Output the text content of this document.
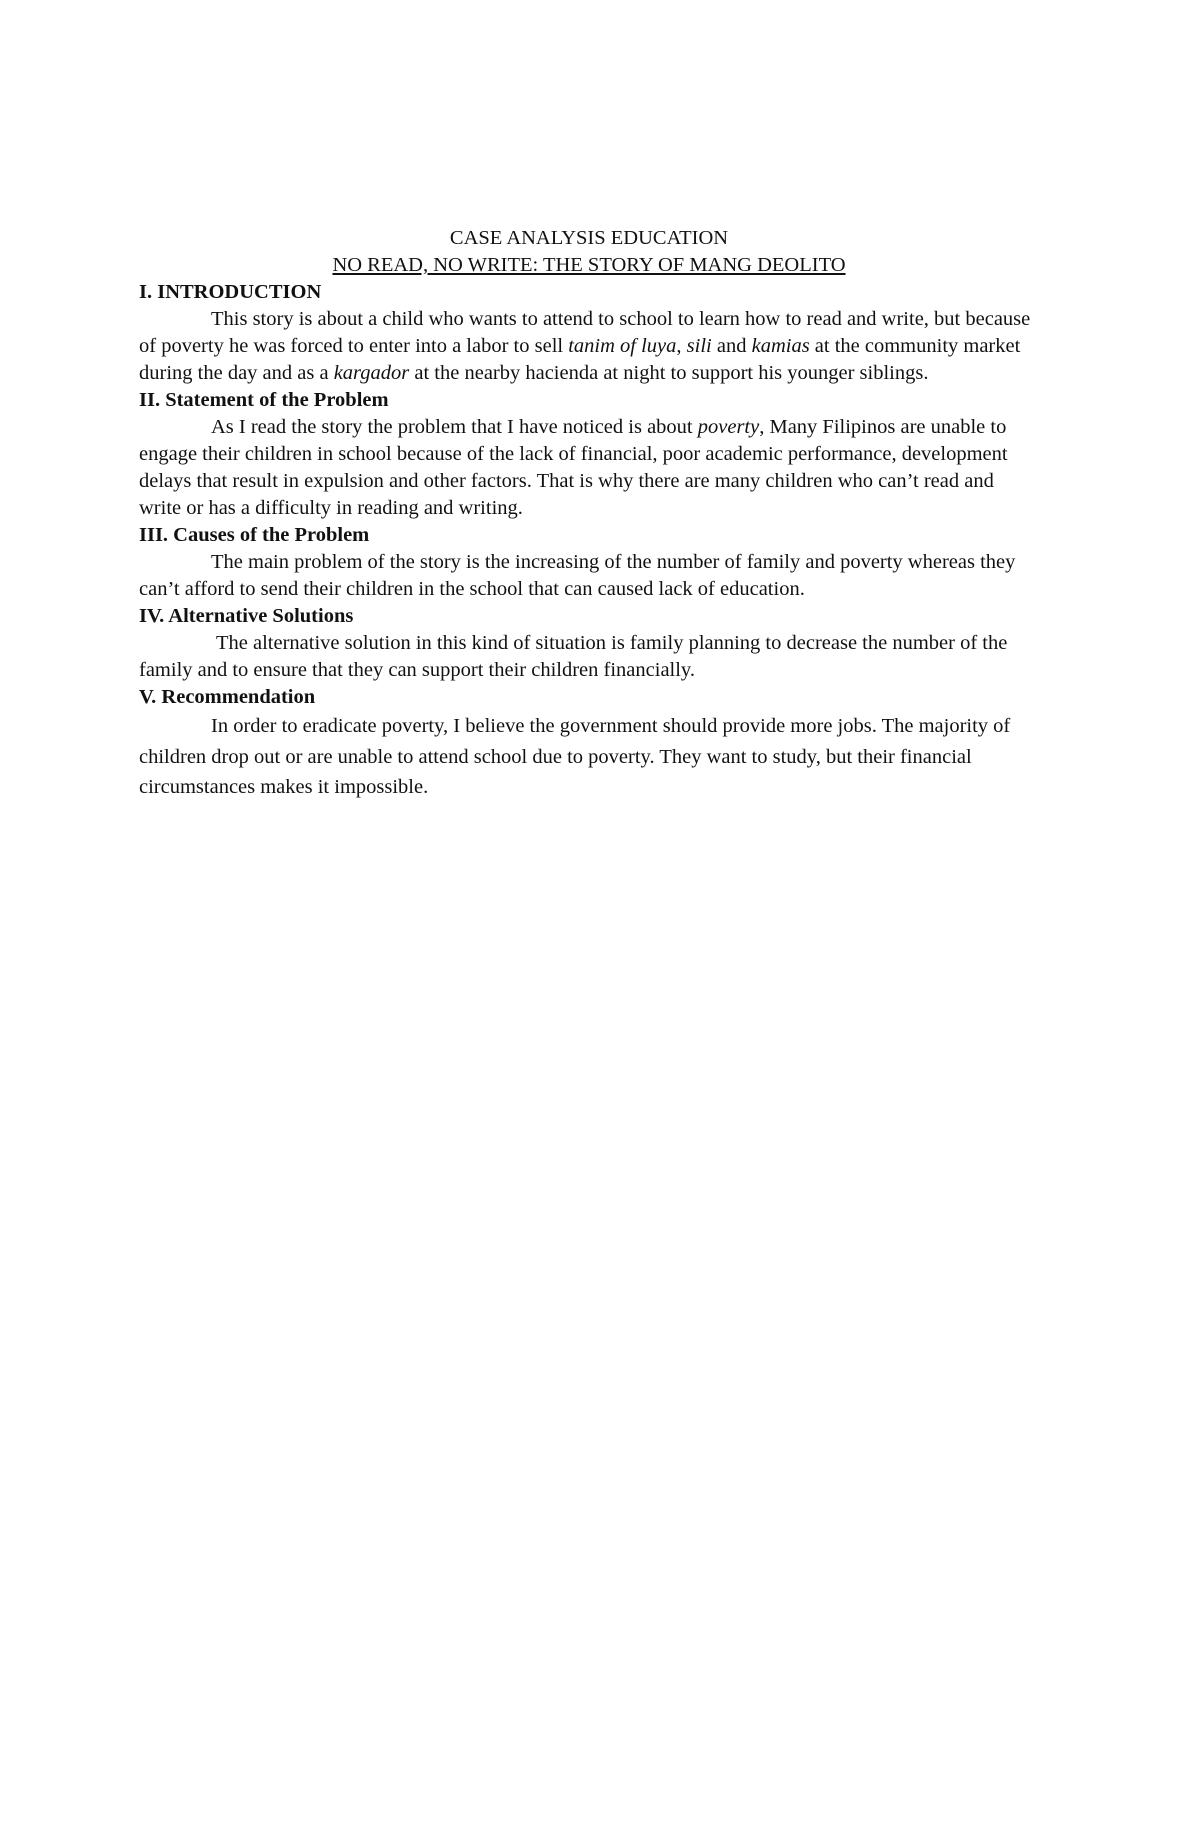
CASE ANALYSIS EDUCATION

NO READ, NO WRITE: THE STORY OF MANG DEOLITO

I. INTRODUCTION

This story is about a child who wants to attend to school to learn how to read and write, but because of poverty he was forced to enter into a labor to sell tanim of luya, sili and kamias at the community market during the day and as a kargador at the nearby hacienda at night to support his younger siblings.

II. Statement of the Problem

As I read the story the problem that I have noticed is about poverty, Many Filipinos are unable to engage their children in school because of the lack of financial, poor academic performance, development delays that result in expulsion and other factors. That is why there are many children who can’t read and write or has a difficulty in reading and writing.

III. Causes of the Problem

The main problem of the story is the increasing of the number of family and poverty whereas they can’t afford to send their children in the school that can caused lack of education.

IV. Alternative Solutions

The alternative solution in this kind of situation is family planning to decrease the number of the family and to ensure that they can support their children financially.

V. Recommendation

In order to eradicate poverty, I believe the government should provide more jobs. The majority of children drop out or are unable to attend school due to poverty. They want to study, but their financial circumstances makes it impossible.
